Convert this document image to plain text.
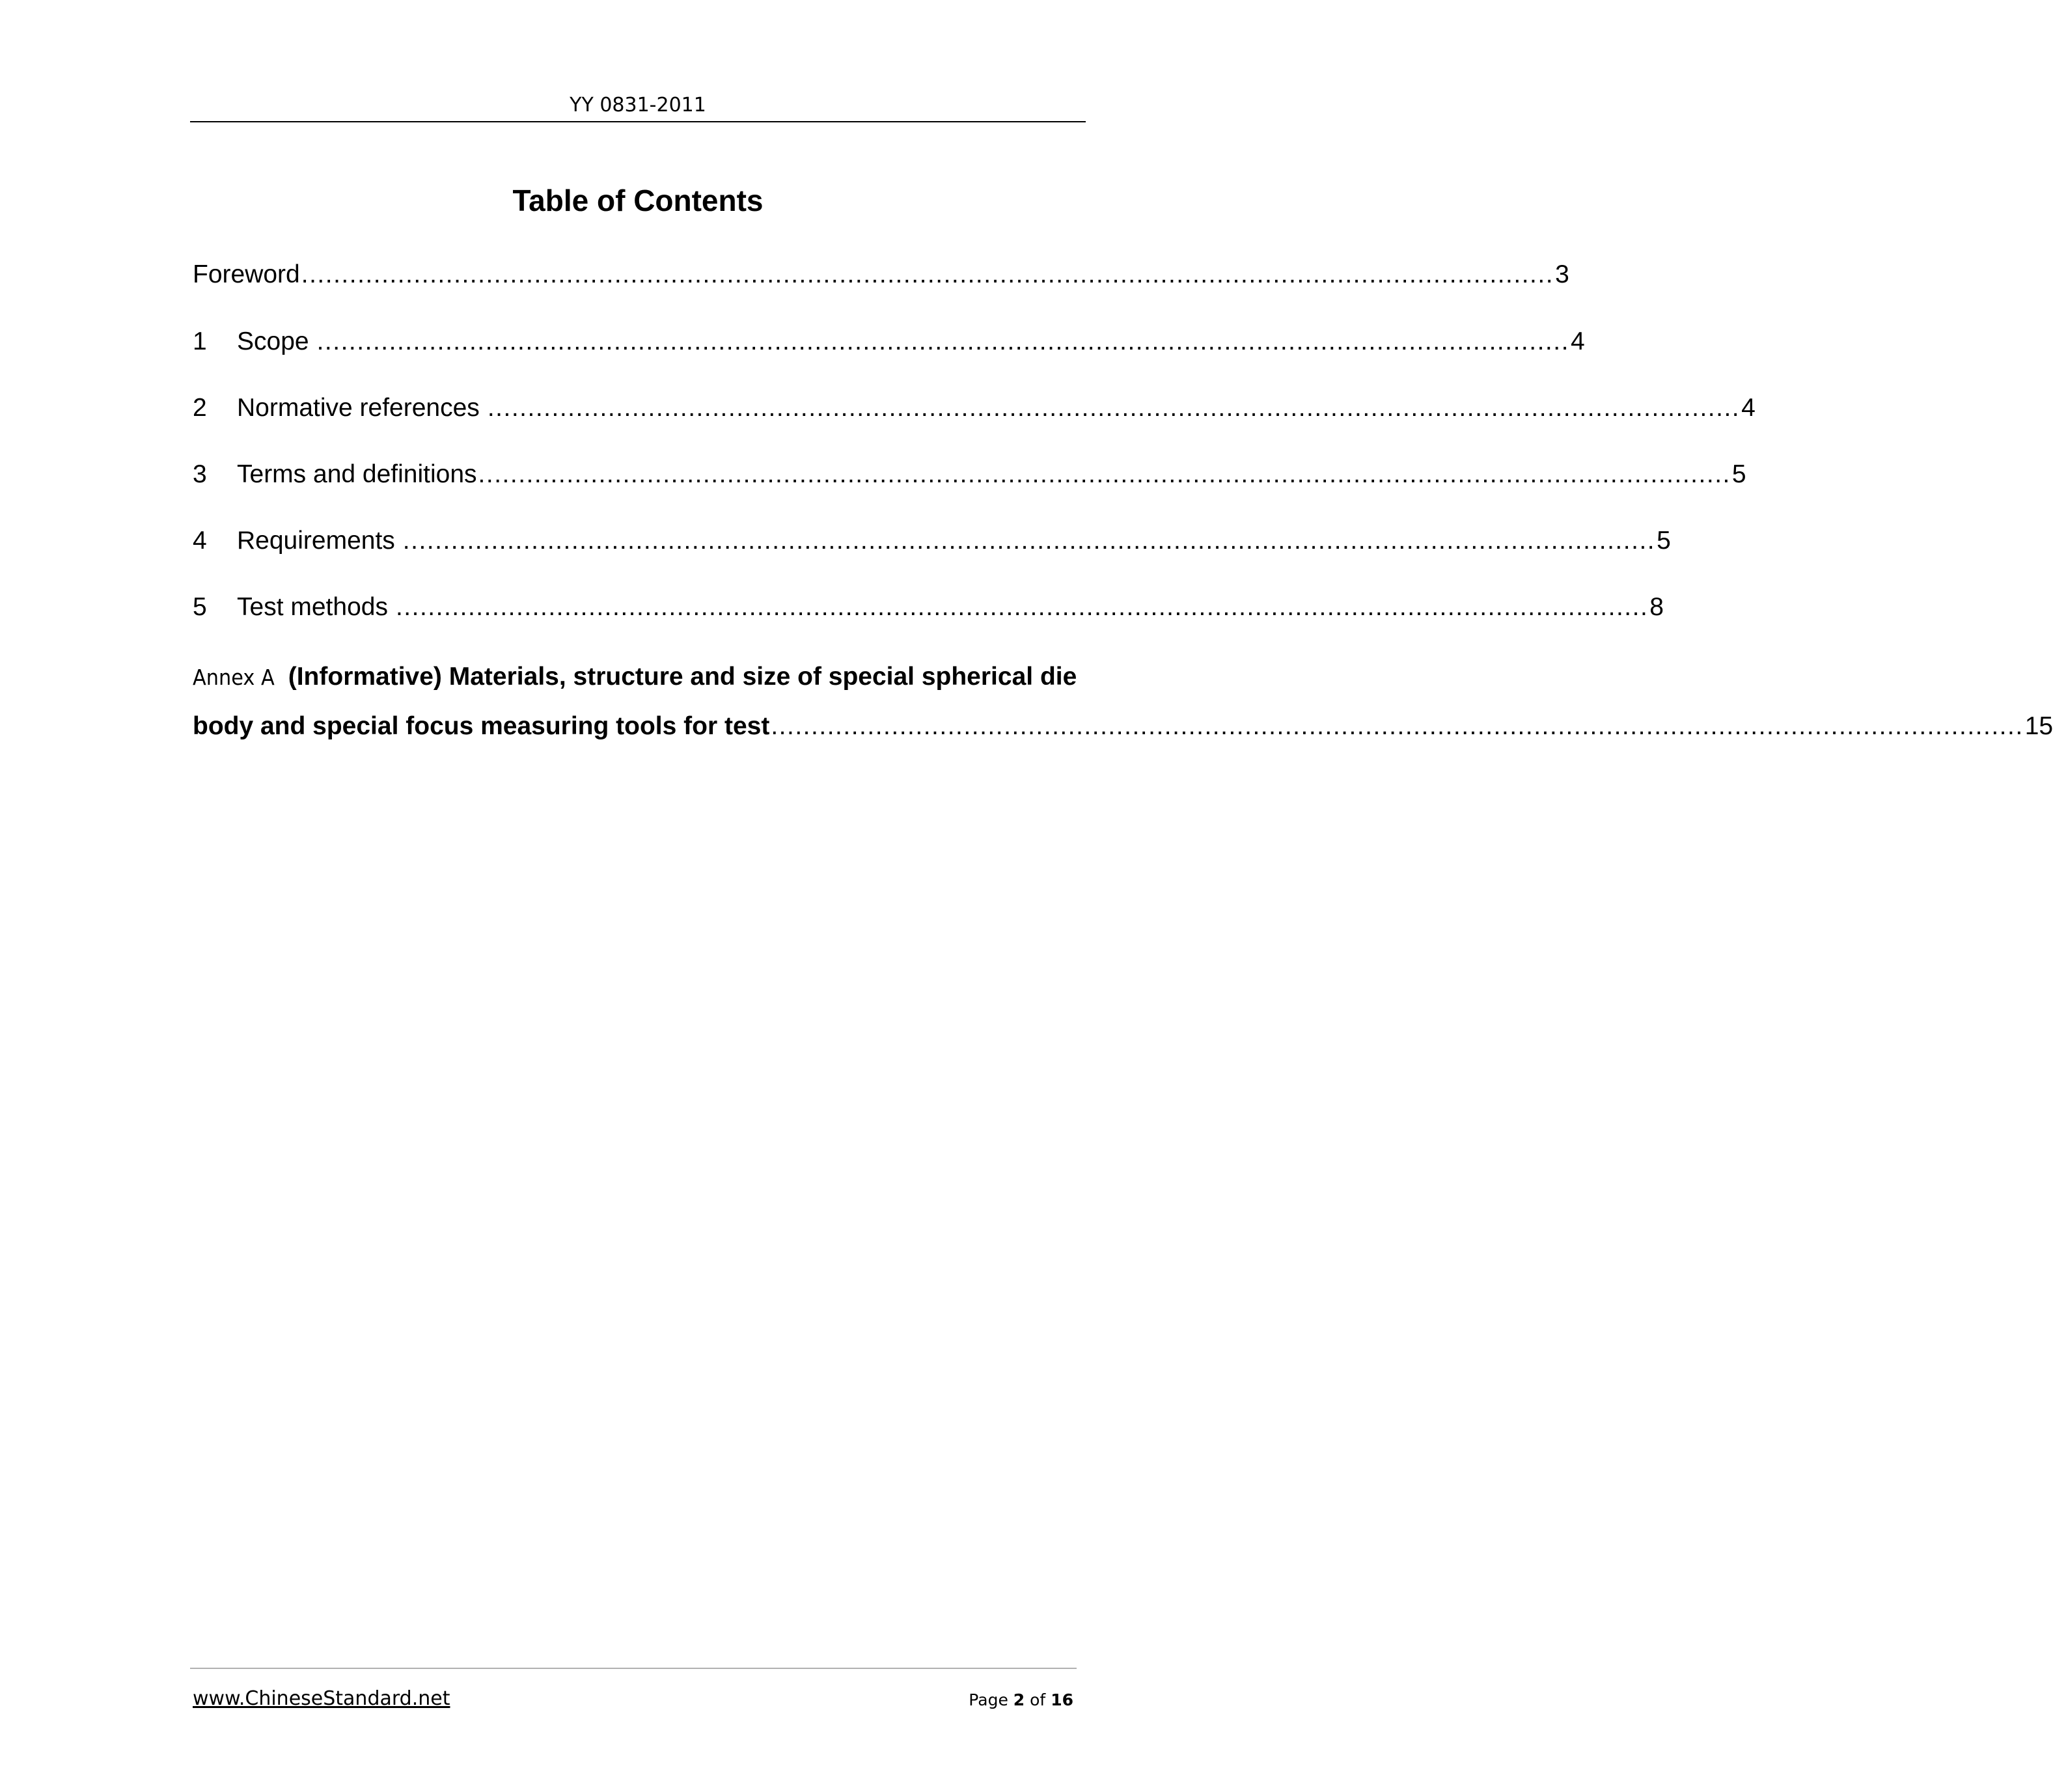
YY 0831-2011
Table of Contents
Foreword ............................................................................................................................................................ 3
1	Scope ............................................................................................................................................................ 4
2	Normative references ............................................................................................................................................................ 4
3	Terms and definitions ............................................................................................................................................................ 5
4	Requirements ............................................................................................................................................................ 5
5	Test methods ............................................................................................................................................................ 8
Annex A (Informative) Materials, structure and size of special spherical die
body and special focus measuring tools for test ............................................................................................................................................................ 15
www.ChineseStandard.net	Page 2 of 16
